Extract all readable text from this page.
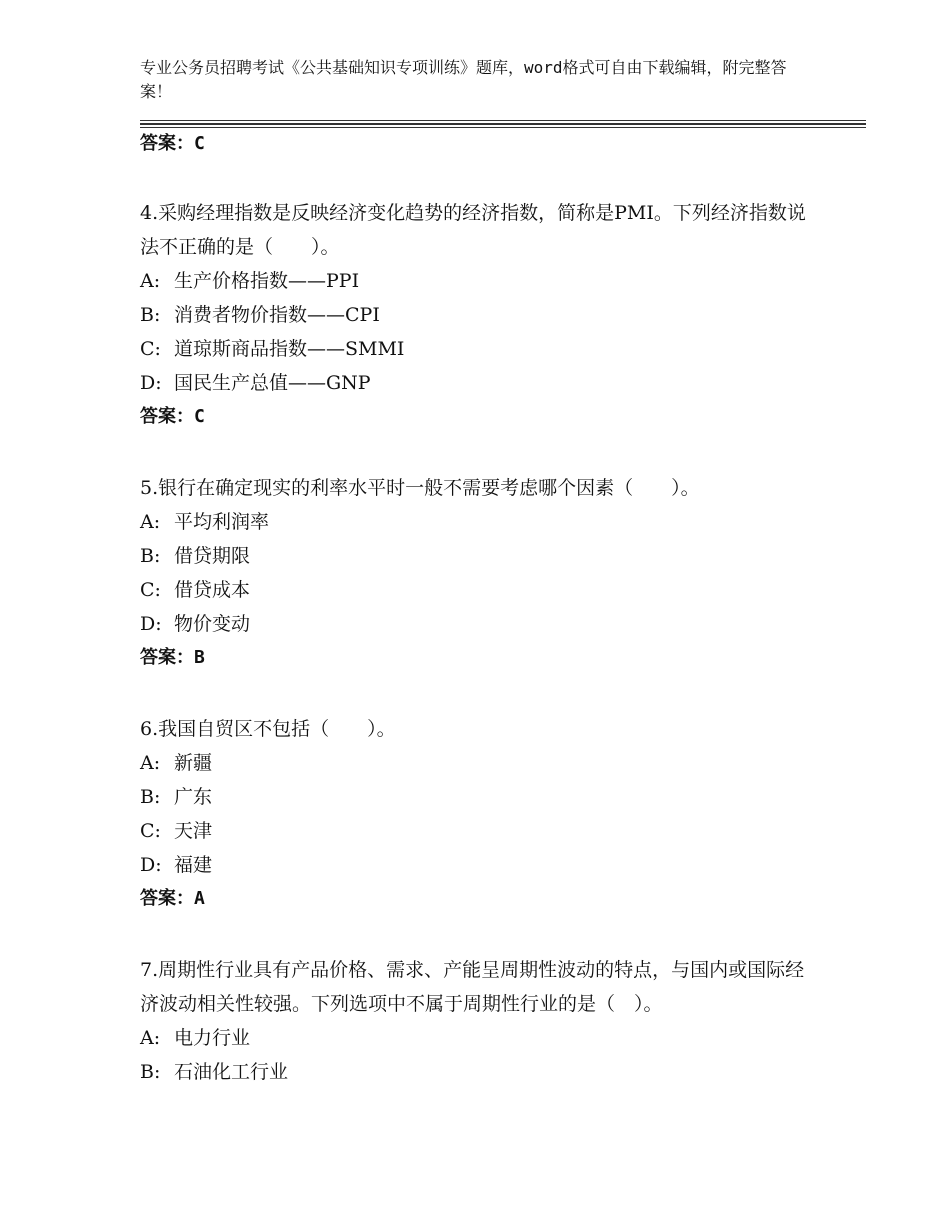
专业公务员招聘考试《公共基础知识专项训练》题库，word格式可自由下载编辑，附完整答案！

答案：C

4.采购经理指数是反映经济变化趋势的经济指数，简称是PMI。下列经济指数说法不正确的是（　　）。

A: 生产价格指数——PPI
B: 消费者物价指数——CPI
C: 道琼斯商品指数——SMMI
D: 国民生产总值——GNP

答案：C

5.银行在确定现实的利率水平时一般不需要考虑哪个因素（　　）。

A: 平均利润率
B: 借贷期限
C: 借贷成本
D: 物价变动

答案：B

6.我国自贸区不包括（　　）。

A: 新疆
B: 广东
C: 天津
D: 福建

答案：A

7.周期性行业具有产品价格、需求、产能呈周期性波动的特点，与国内或国际经济波动相关性较强。下列选项中不属于周期性行业的是（　）。

A: 电力行业
B: 石油化工行业
